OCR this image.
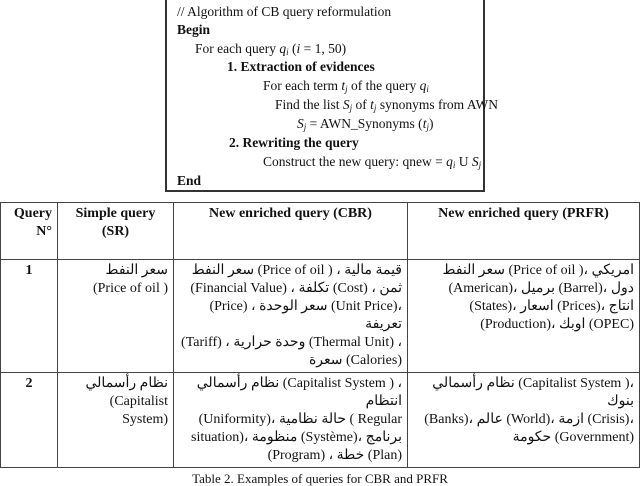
// Algorithm of CB query reformulation
Begin
For each query $q_i$ (i = 1, 50)
1. Extraction of evidences
For each term $t_j$ of the query $q_i$
Find the list $S_j$ of $t_j$ synonyms from AWN
$S_j$ = AWN_Synonyms $(t_j)$
2. Rewriting the query
Construct the new query: qnew = $q_i$ U $S_j$
End
Query N°	Simple query (SR)	New enriched query (CBR)	New enriched query (PRFR)
1	سعر النفط
(Price of oil )	سعر النفط (Price of oil ) ، قيمة مالية
(Financial Value) ، تكلفة (Cost) ، ثمن
(Price) ، سعر الوحدة (Unit Price)، تعريفة
(Tariff) ، وحدة حرارية (Thermal Unit) ،
سعرة (Calories)	سعر النفط (Price of oil )، امريكي
(American)، برميل (Barrel)، دول
(States)، اسعار (Prices)، انتاج
(Production)، اوبك (OPEC)

2	نظام رأسمالي
(Capitalist
System)	نظام رأسمالي (Capitalist System ) ، انتظام
(Uniformity)، حالة نظامية ( Regular
situation)، منظومة (Système)، برنامج
(Program) ، خطة (Plan)	نظام رأسمالي (Capitalist System )، بنوك
(Banks)، عالم (World)، ازمة (Crisis)،
حكومة (Government)
Table 2. Examples of queries for CBR and PRFR
